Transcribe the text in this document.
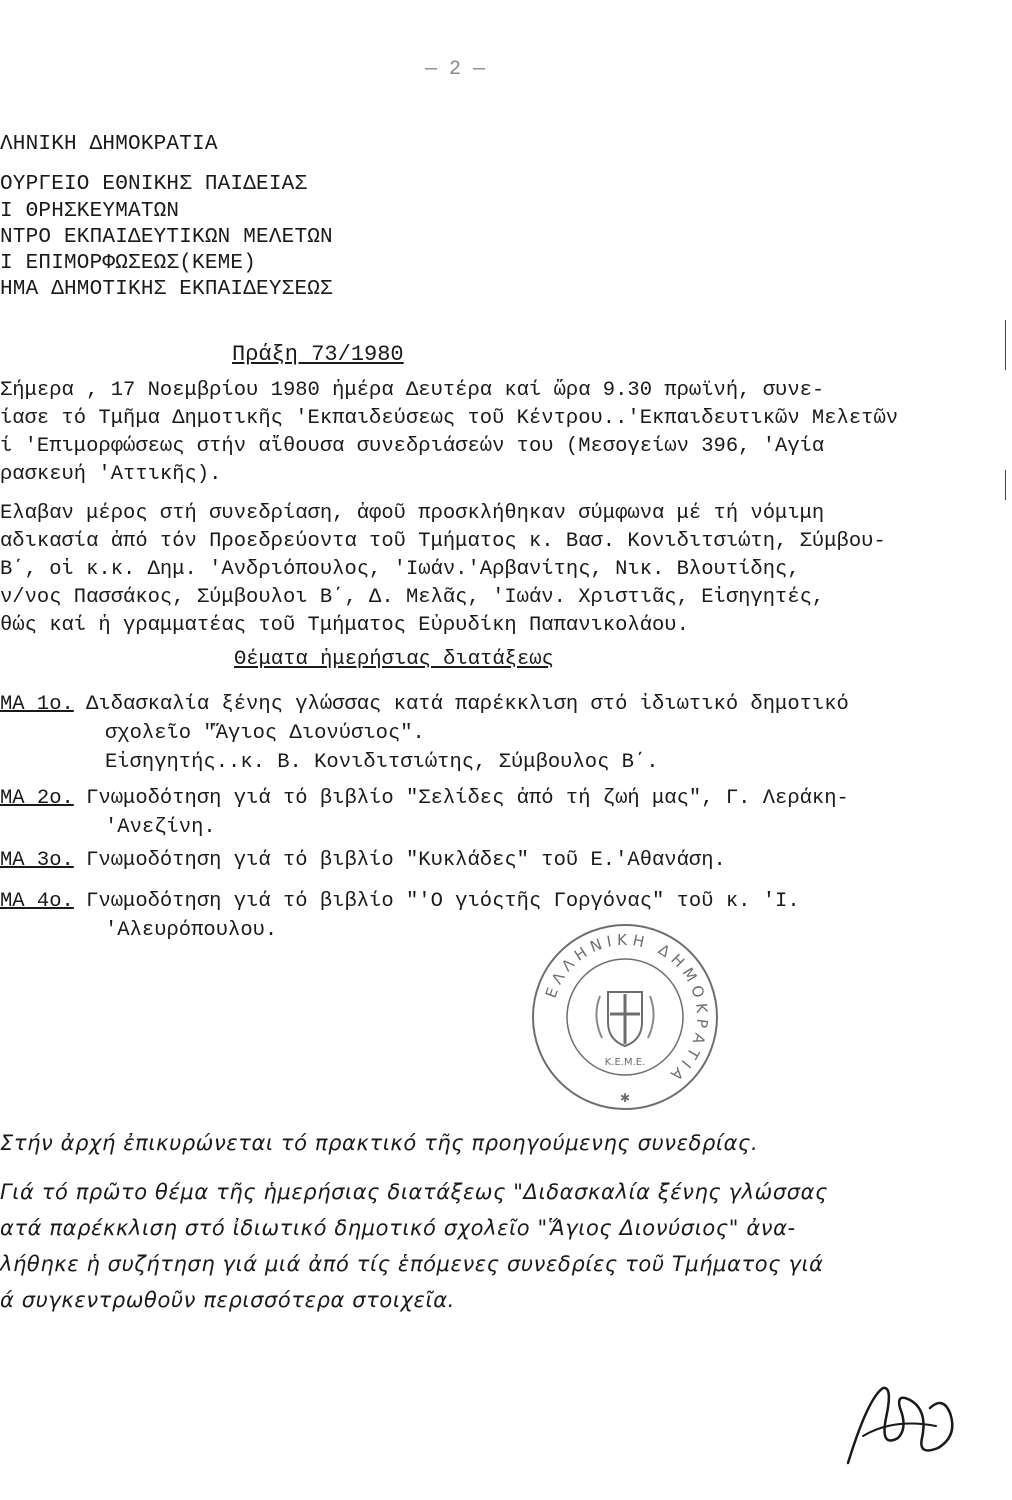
— 2 —
ΛΗΝΙΚΗ ΔΗΜΟΚΡΑΤΙΑ
ΟΥΡΓΕΙΟ ΕΘΝΙΚΗΣ ΠΑΙΔΕΙΑΣ
Ι ΘΡΗΣΚΕΥΜΑΤΩΝ
ΝΤΡΟ ΕΚΠΑΙΔΕΥΤΙΚΩΝ ΜΕΛΕΤΩΝ
Ι ΕΠΙΜΟΡΦΩΣΕΩΣ(ΚΕΜΕ)
ΗΜΑ ΔΗΜΟΤΙΚΗΣ ΕΚΠΑΙΔΕΥΣΕΩΣ
Πράξη 73/1980
Σήμερα , 17 Νοεμβρίου 1980 ἡμέρα Δευτέρα καί ὥρα 9.30 πρωϊνή, συνε-
ίασε τό Τμῆμα Δημοτικῆς 'Εκπαιδεύσεως τοῦ Κέντρου..'Εκπαιδευτικῶν Μελετῶν
ί 'Επιμορφώσεως στήν αἴθουσα συνεδριάσεών του (Μεσογείων 396, 'Αγία
ρασκευή 'Αττικῆς).
Ἔλαβαν μέρος στή συνεδρίαση, ἀφοῦ προσκλήθηκαν σύμφωνα μέ τή νόμιμη
αδικασία ἀπό τόν Προεδρεύοντα τοῦ Τμήματος κ. Βασ. Κονιδιτσιώτη, Σύμβου-
Β΄, οἱ κ.κ. Δημ. 'Ανδριόπουλος, 'Ιωάν.'Αρβανίτης, Νικ. Βλουτίδης,
ν/νος Πασσάκος, Σύμβουλοι Β΄, Δ. Μελᾶς, 'Ιωάν. Χριστιᾶς, Εἰσηγητές,
θώς καί ἡ γραμματέας τοῦ Τμήματος Εὐρυδίκη Παπανικολάου.
Θέματα ἡμερήσιας διατάξεως
ΜΑ 1ο. Διδασκαλία ξένης γλώσσας κατά παρέκκλιση στό ἰδιωτικό δημοτικό
σχολεῖο "Ἅγιος Διονύσιος".
Εἰσηγητής..κ. Β. Κονιδιτσιώτης, Σύμβουλος Β΄.
ΜΑ 2ο. Γνωμοδότηση γιά τό βιβλίο "Σελίδες ἀπό τή ζωή μας", Γ. Λεράκη-
'Ανεζίνη.
ΜΑ 3ο. Γνωμοδότηση γιά τό βιβλίο "Κυκλάδες" τοῦ Ε.'Αθανάση.
ΜΑ 4ο. Γνωμοδότηση γιά τό βιβλίο "'Ο γιόςτῆς Γοργόνας" τοῦ κ. 'Ι.
'Αλευρόπουλου.
ΕΛΛΗΝΙΚΗ ΔΗΜΟΚΡΑΤΙΑ
Κ.Ε.Μ.Ε.
✱
Στήν ἀρχή ἐπικυρώνεται τό πρακτικό τῆς προηγούμενης συνεδρίας.
Γιά τό πρῶτο θέμα τῆς ἡμερήσιας διατάξεως "Διδασκαλία ξένης γλώσσας
ατά παρέκκλιση στό ἰδιωτικό δημοτικό σχολεῖο "Ἅγιος Διονύσιος" ἀνα-
λήθηκε ἡ συζήτηση γιά μιά ἀπό τίς ἑπόμενες συνεδρίες τοῦ Τμήματος γιά
ά συγκεντρωθοῦν περισσότερα στοιχεῖα.
